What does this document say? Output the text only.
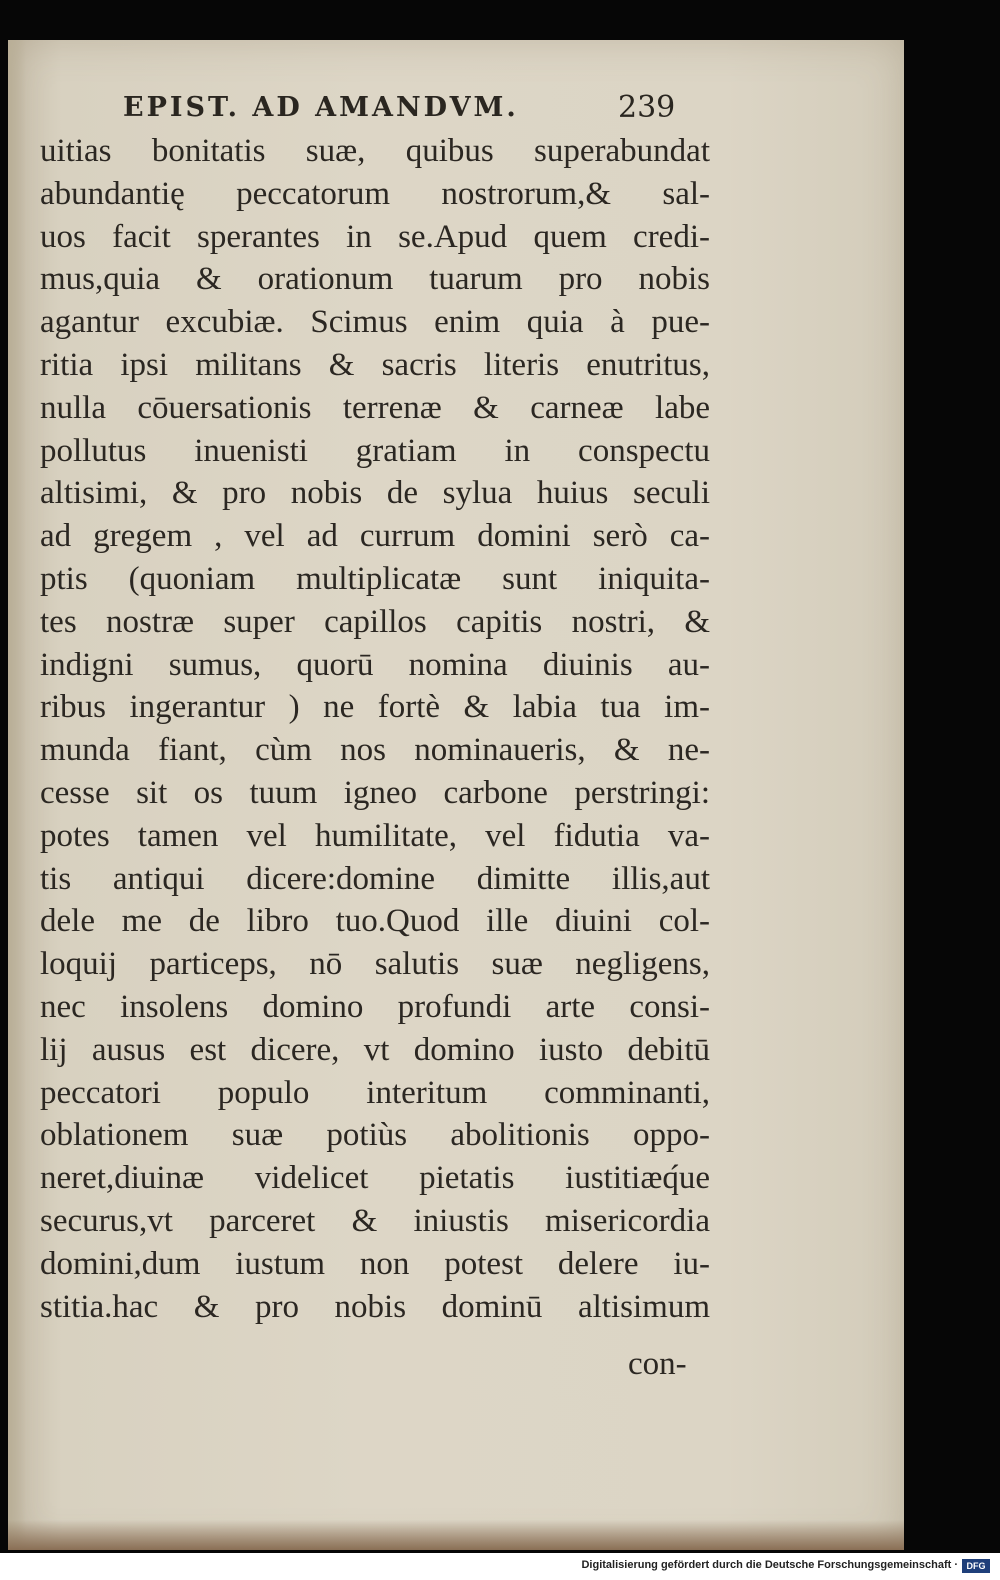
EPIST. AD AMANDVM.	239
uitias bonitatis suæ, quibus superabundat
abundantię peccatorum nostrorum,& sal-
uos facit sperantes in se.Apud quem credi-
mus,quia & orationum tuarum pro nobis
agantur excubiæ. Scimus enim quia à pue-
ritia ipsi militans & sacris literis enutritus,
nulla cōuersationis terrenæ & carneæ labe
pollutus inuenisti gratiam in conspectu
altisimi, & pro nobis de sylua huius seculi
ad gregem , vel ad currum domini serò ca-
ptis (quoniam multiplicatæ sunt iniquita-
tes nostræ super capillos capitis nostri, &
indigni sumus, quorū nomina diuinis au-
ribus ingerantur ) ne fortè & labia tua im-
munda fiant, cùm nos nominaueris, & ne-
cesse sit os tuum igneo carbone perstringi:
potes tamen vel humilitate, vel fidutia va-
tis antiqui dicere:domine dimitte illis,aut
dele me de libro tuo.Quod ille diuini col-
loquij particeps, nō salutis suæ negligens,
nec insolens domino profundi arte consi-
lij ausus est dicere, vt domino iusto debitū
peccatori populo interitum comminanti,
oblationem suæ potiùs abolitionis oppo-
neret,diuinæ videlicet pietatis iustitiæq́ue
securus,vt parceret & iniustis misericordia
domini,dum iustum non potest delere iu-
stitia.hac & pro nobis dominū altisimum
con-
Digitalisierung gefördert durch die Deutsche Forschungsgemeinschaft · DFG
